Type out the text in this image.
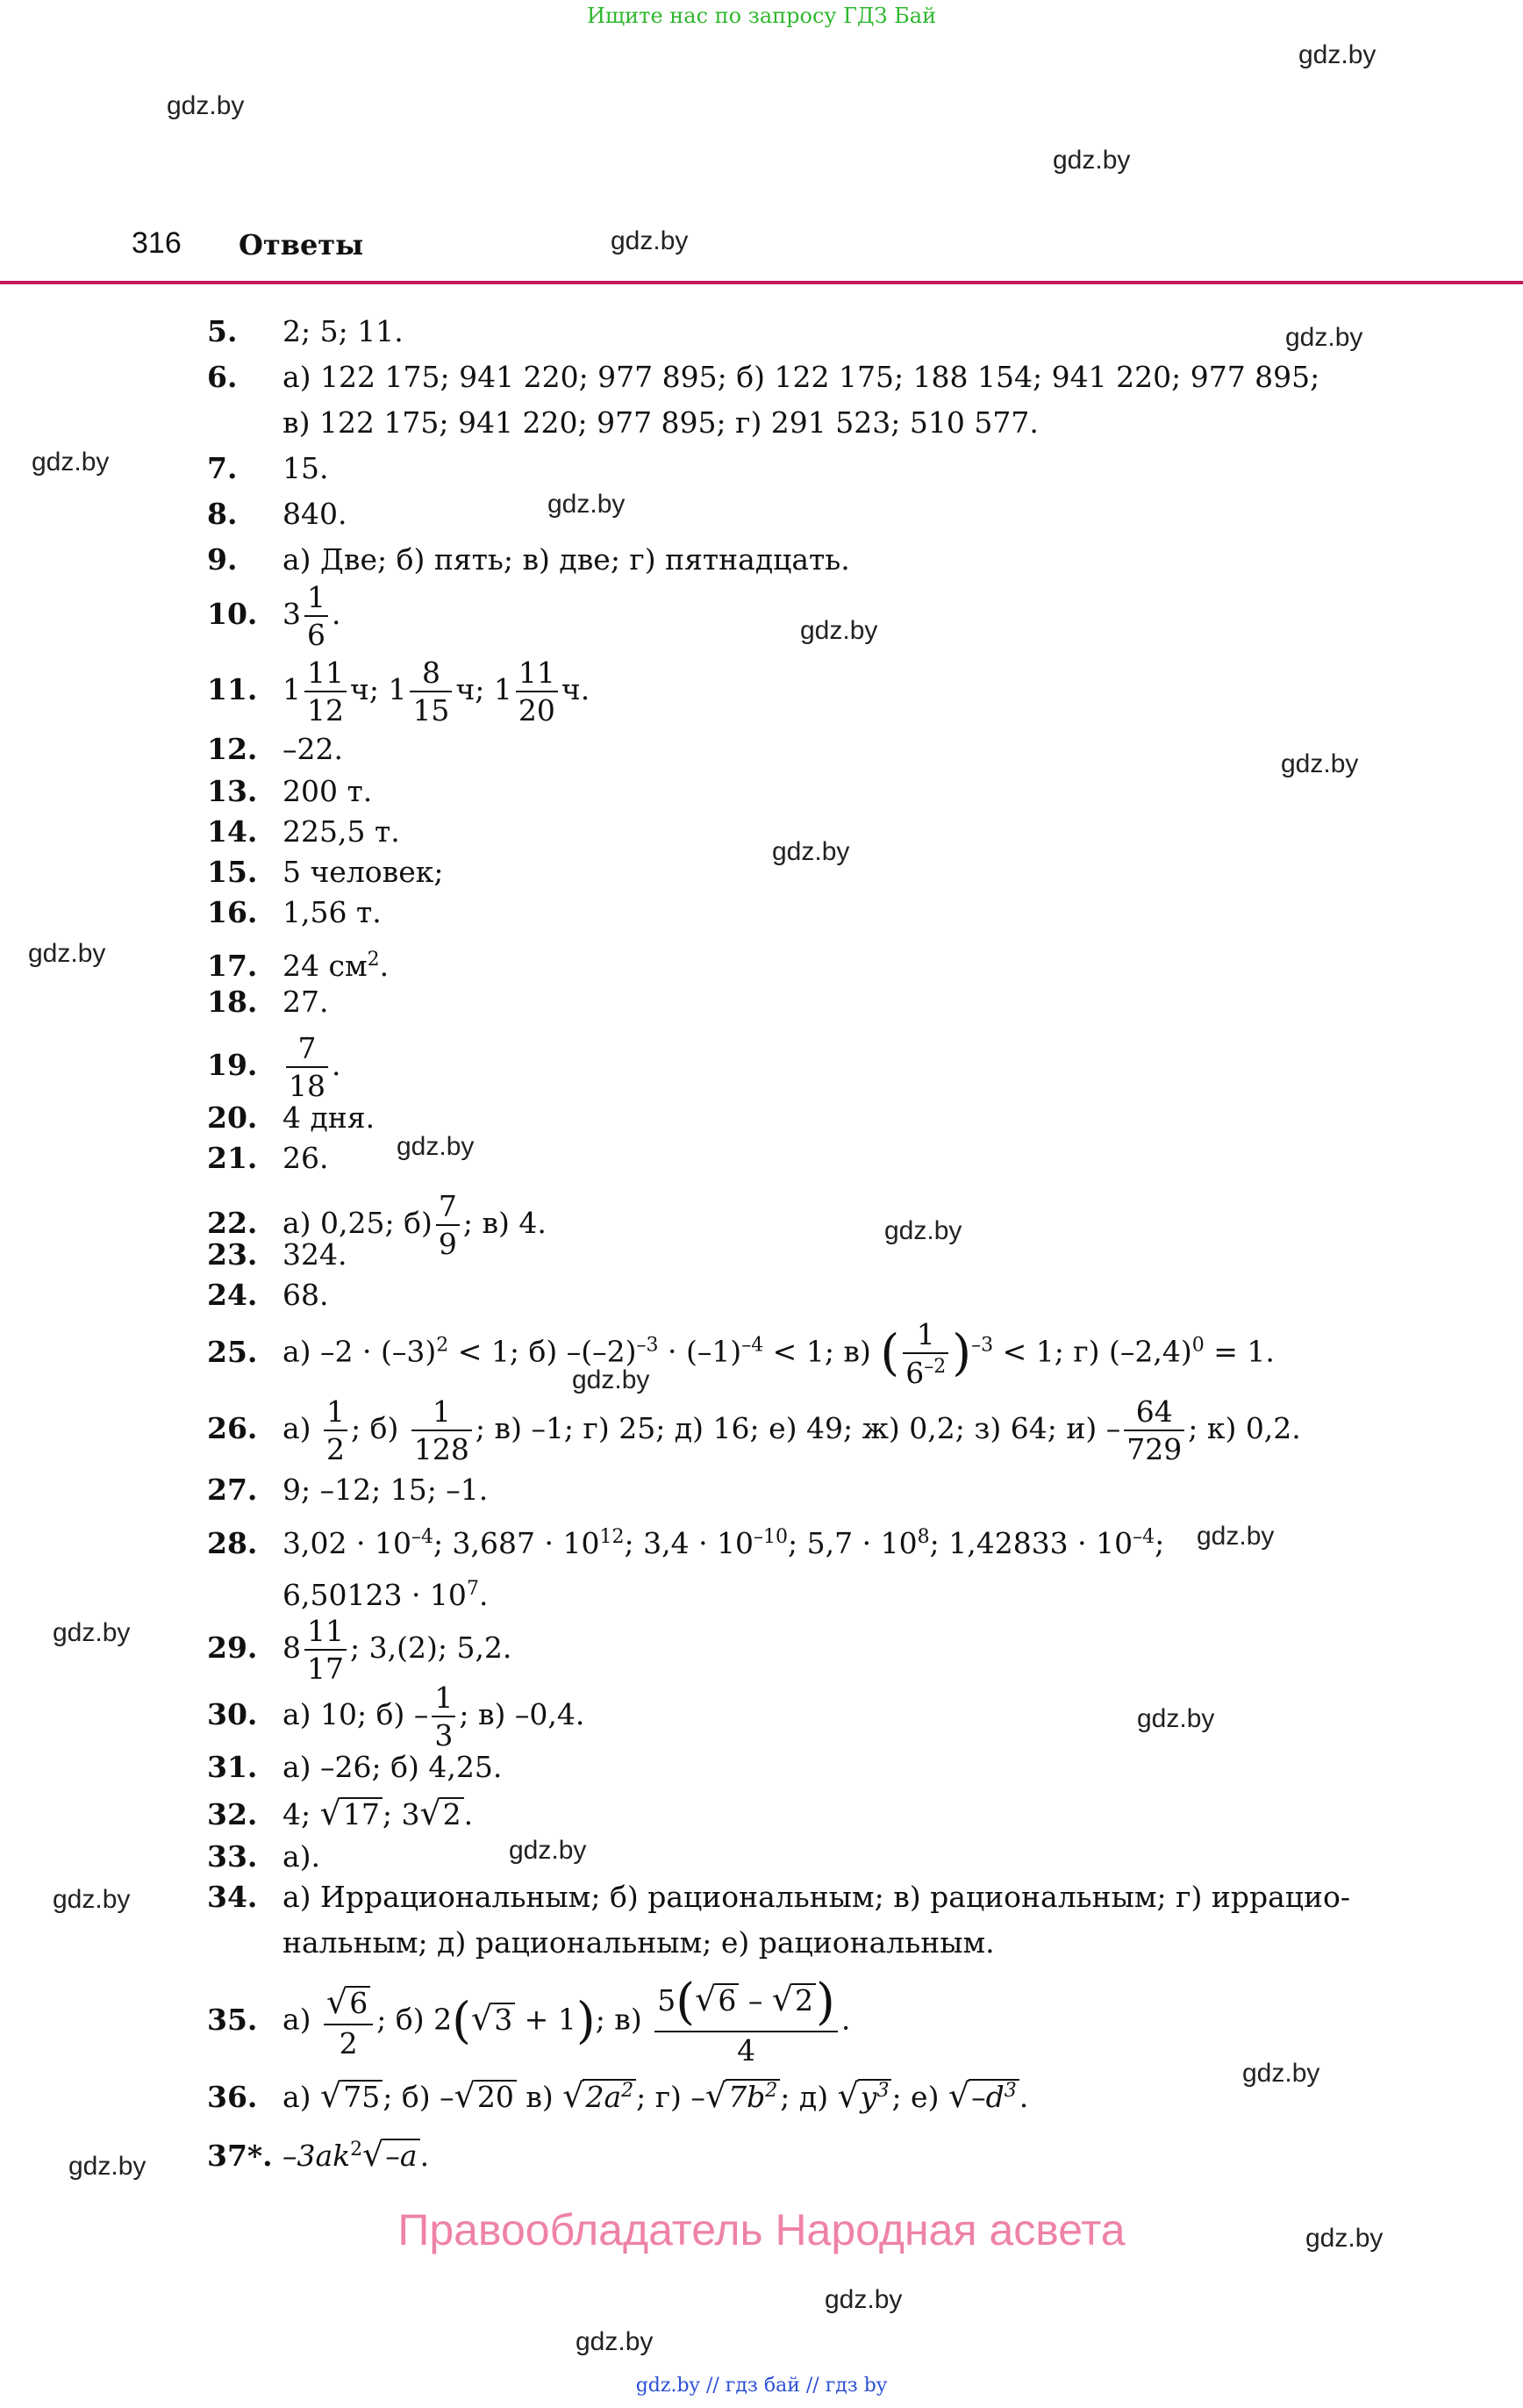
Ищите нас по запросу ГДЗ Бай
gdz.by
gdz.by
gdz.by
gdz.by
316 Ответы
gdz.by
gdz.by
gdz.by
gdz.by
gdz.by
gdz.by
gdz.by
gdz.by
gdz.by
gdz.by
gdz.by
gdz.by
gdz.by
gdz.by
gdz.by
gdz.by
gdz.by
gdz.by
gdz.by
gdz.by
5. 2; 5; 11.
6. а) 122 175; 941 220; 977 895; б) 122 175; 188 154; 941 220; 977 895;
в) 122 175; 941 220; 977 895; г) 291 523; 510 577.
7. 15.
8. 840.
9. а) Две; б) пять; в) две; г) пятнадцать.
10. $3 \frac{1}{6}$ .
11. $1 \frac{11}{12} ч$; $1 \frac{8}{15} ч$; $1 \frac{11}{20} ч$.
12. –22.
13. 200 т.
14. 225,5 т.
15. 5 человек;
16. 1,56 т.
17. 24 $см^2$.
18. 27.
19. $\frac{7}{18}$ .
20. 4 дня.
21. 26.
22. а) 0,25; $б) \frac{7}{9}$ ; в) 4.
23. 324.
24. 68.
25. а) $-2 \cdot (-3)^2 < 1$; б) $-(-2)^{-3} \cdot (-1)^{-4} < 1$; в) ( $\frac{1}{6^{-2}} )^{-3} < 1$; г) $(-2,4)^0 = 1$.
26. $а) \frac{1}{2}$ ; $б) \frac{1}{128}$ ; в) –1; г) 25; д) 16; е) 49; ж) 0,2; з) 64; $и) - \frac{64}{729}$ ; к) 0,2.
27. 9; –12; 15; –1.
28. $3,02 \cdot 10^{-4}$; $3,687 \cdot 10^{12}$; $3,4 \cdot 10^{-10}$; $5,7 \cdot 10^8$; $1,42833 \cdot 10^{-4}$;
$6,50123 \cdot 10^7$.
29. $8 \frac{11}{17}$ ; 3,(2); 5,2.
30. а) 10; $б) - \frac{1}{3}$ ; в) –0,4.
31. а) –26; б) 4,25.
32. 4; √17; 3√2.
33. а).
34. а) Иррациональным; б) рациональным; в) рациональным; г) иррацио-
нальным; д) рациональным; е) рациональным.
35. $а) \frac{√6}{2}$ ; б) 2(√3 + 1); $в) \frac{5(√6 - √2)}{4}$ .
36. а) √75; б) –√20 в) $√2a^2$; г) $-√7b^2$; д) $√y^3$; е) $√-d^3$.
37*. $-3ak^2√-a$.
Правообладатель Народная асвета
gdz.by // гдз бай // гдз by
